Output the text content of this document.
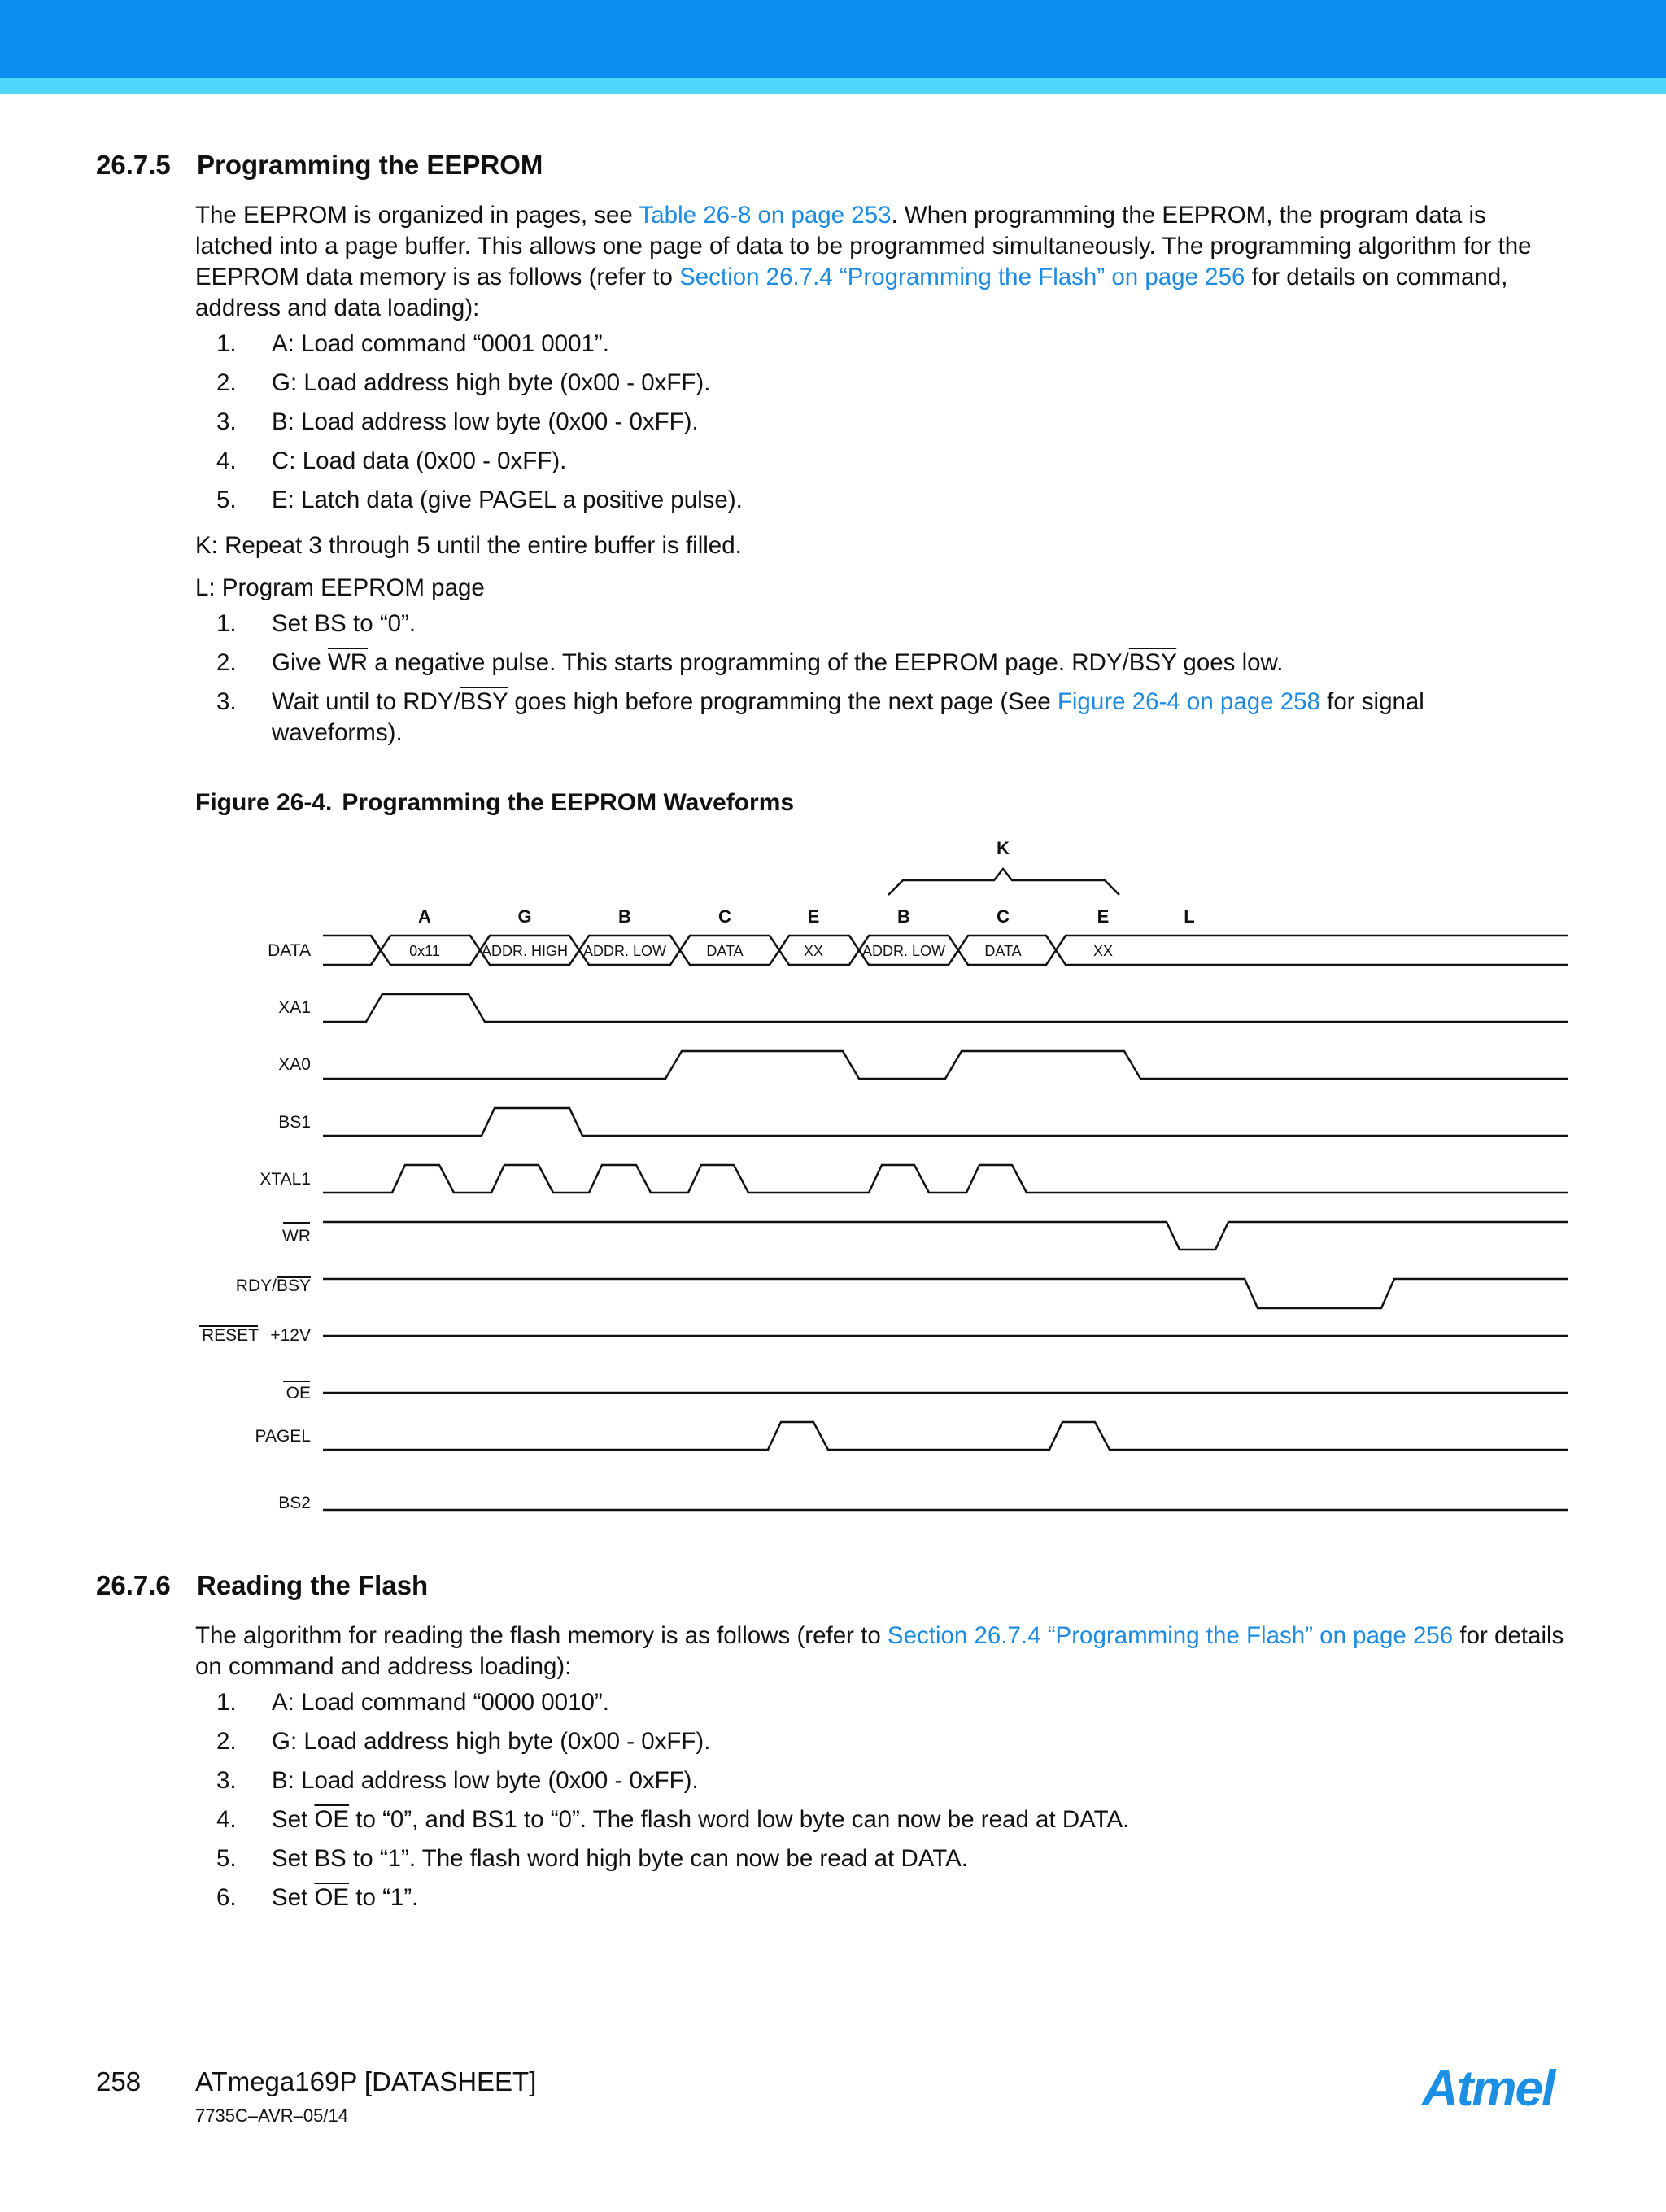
26.7.5 Programming the EEPROM

The EEPROM is organized in pages, see Table 26-8 on page 253. When programming the EEPROM, the program data is latched into a page buffer. This allows one page of data to be programmed simultaneously. The programming algorithm for the EEPROM data memory is as follows (refer to Section 26.7.4 “Programming the Flash” on page 256 for details on command, address and data loading):

1. A: Load command “0001 0001”.
2. G: Load address high byte (0x00 - 0xFF).
3. B: Load address low byte (0x00 - 0xFF).
4. C: Load data (0x00 - 0xFF).
5. E: Latch data (give PAGEL a positive pulse).

K: Repeat 3 through 5 until the entire buffer is filled.

L: Program EEPROM page

1. Set BS to “0”.
2. Give $\overline{WR}$ a negative pulse. This starts programming of the EEPROM page. RDY/$\overline{BSY}$ goes low.
3. Wait until to RDY/$\overline{BSY}$ goes high before programming the next page (See Figure 26-4 on page 258 for signal waveforms).
Figure 26-4. Programming the EEPROM Waveforms
K
A	G	B	C	E	B	C	E	L
0x11	ADDR. HIGH ADDR. LOW	DATA	XX	ADDR. LOW	DATA	XX
DATA
XA1
XA0
BS1
XTAL1
WR
RDY/BSY
RESET +12V
OE
PAGEL
BS2
26.7.6 Reading the Flash

The algorithm for reading the flash memory is as follows (refer to Section 26.7.4 “Programming the Flash” on page 256 for details on command and address loading):

1. A: Load command “0000 0010”.
2. G: Load address high byte (0x00 - 0xFF).
3. B: Load address low byte (0x00 - 0xFF).
4. Set $\overline{OE}$ to “0”, and BS1 to “0”. The flash word low byte can now be read at DATA.
5. Set BS to “1”. The flash word high byte can now be read at DATA.
6. Set $\overline{OE}$ to “1”.
258 ATmega169P [DATASHEET]
7735C–AVR–05/14	Atmel
